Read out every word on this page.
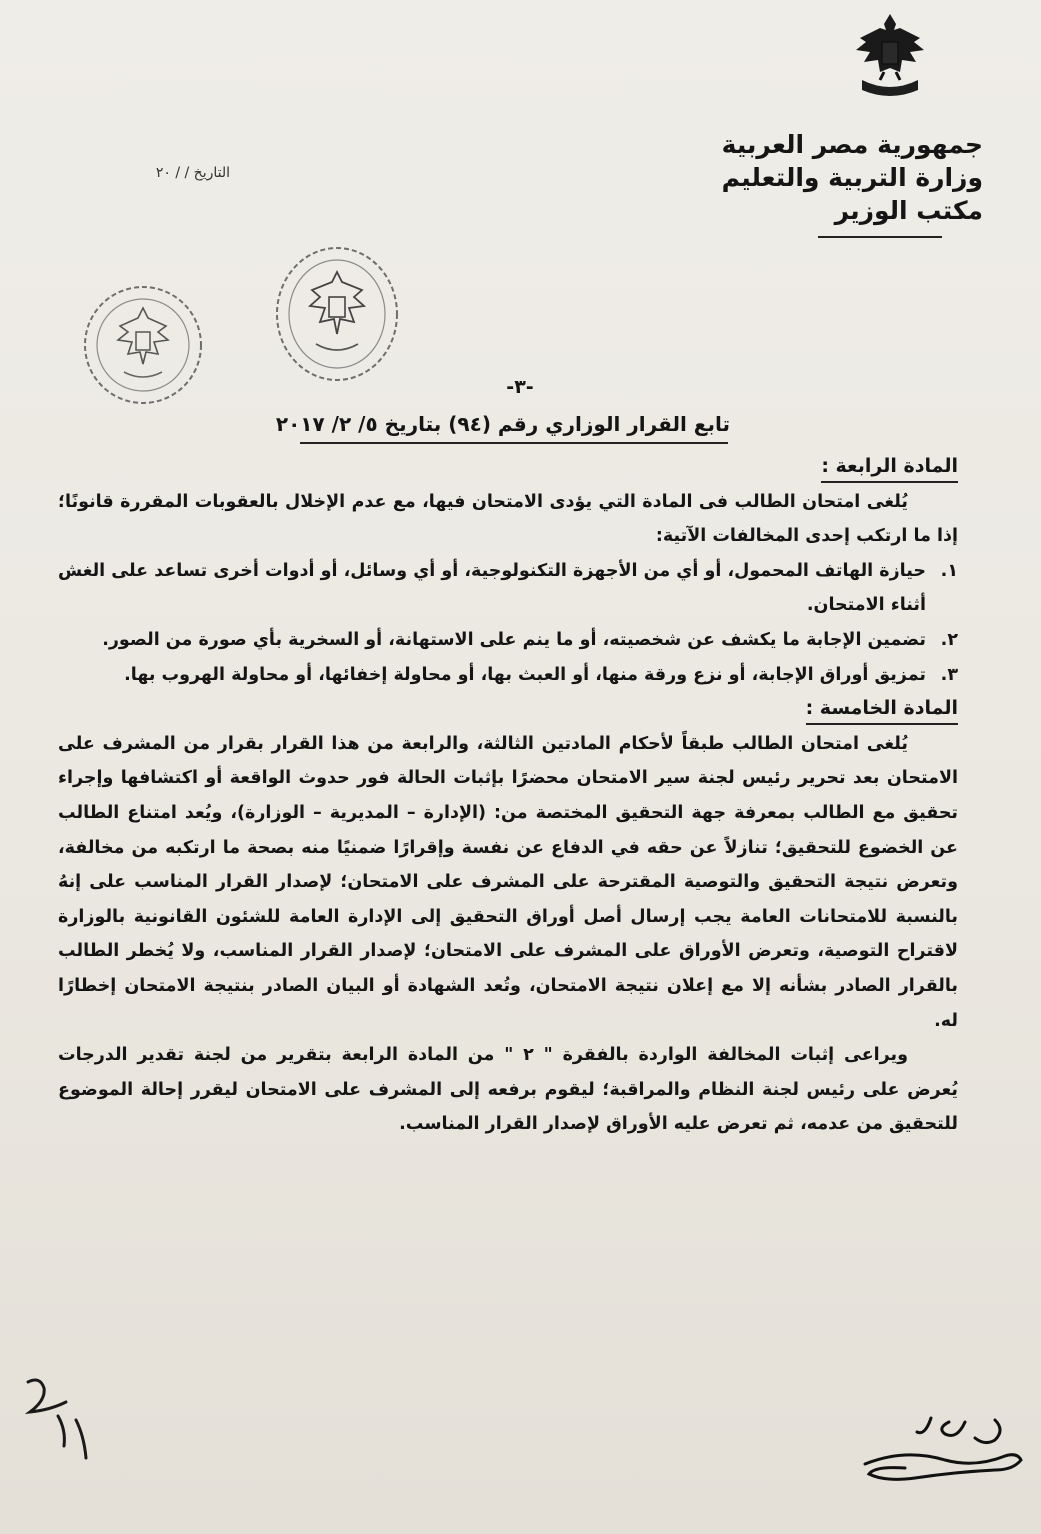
جمهورية مصر العربية
وزارة التربية والتعليم
مكتب الوزير
التاريخ / / ٢٠
-٣-
تابع القرار الوزاري رقم (٩٤) بتاريخ ٥/ ٢/ ٢٠١٧

المادة الرابعة :

يُلغى امتحان الطالب فى المادة التي يؤدى الامتحان فيها، مع عدم الإخلال بالعقوبات المقررة قانونًا؛ إذا ما ارتكب إحدى المخالفات الآتية:

١.
حيازة الهاتف المحمول، أو أي من الأجهزة التكنولوجية، أو أي وسائل، أو أدوات أخرى تساعد على الغش أثناء الامتحان.
٢.
تضمين الإجابة ما يكشف عن شخصيته، أو ما ينم على الاستهانة، أو السخرية بأي صورة من الصور.
٣.
تمزيق أوراق الإجابة، أو نزع ورقة منها، أو العبث بها، أو محاولة إخفائها، أو محاولة الهروب بها.

المادة الخامسة :

يُلغى امتحان الطالب طبقاً لأحكام المادتين الثالثة، والرابعة من هذا القرار بقرار من المشرف على الامتحان بعد تحرير رئيس لجنة سير الامتحان محضرًا بإثبات الحالة فور حدوث الواقعة أو اكتشافها وإجراء تحقيق مع الطالب بمعرفة جهة التحقيق المختصة من: (الإدارة – المديرية – الوزارة)، ويُعد امتناع الطالب عن الخضوع للتحقيق؛ تنازلاً عن حقه في الدفاع عن نفسة وإقرارًا ضمنيًا منه بصحة ما ارتكبه من مخالفة، وتعرض نتيجة التحقيق والتوصية المقترحة على المشرف على الامتحان؛ لإصدار القرار المناسب على إنهُ بالنسبة للامتحانات العامة يجب إرسال أصل أوراق التحقيق إلى الإدارة العامة للشئون القانونية بالوزارة لاقتراح التوصية، وتعرض الأوراق على المشرف على الامتحان؛ لإصدار القرار المناسب، ولا يُخطر الطالب بالقرار الصادر بشأنه إلا مع إعلان نتيجة الامتحان، وتُعد الشهادة أو البيان الصادر بنتيجة الامتحان إخطارًا له.

ويراعى إثبات المخالفة الواردة بالفقرة " ٢ " من المادة الرابعة بتقرير من لجنة تقدير الدرجات يُعرض على رئيس لجنة النظام والمراقبة؛ ليقوم برفعه إلى المشرف على الامتحان ليقرر إحالة الموضوع للتحقيق من عدمه، ثم تعرض عليه الأوراق لإصدار القرار المناسب.
